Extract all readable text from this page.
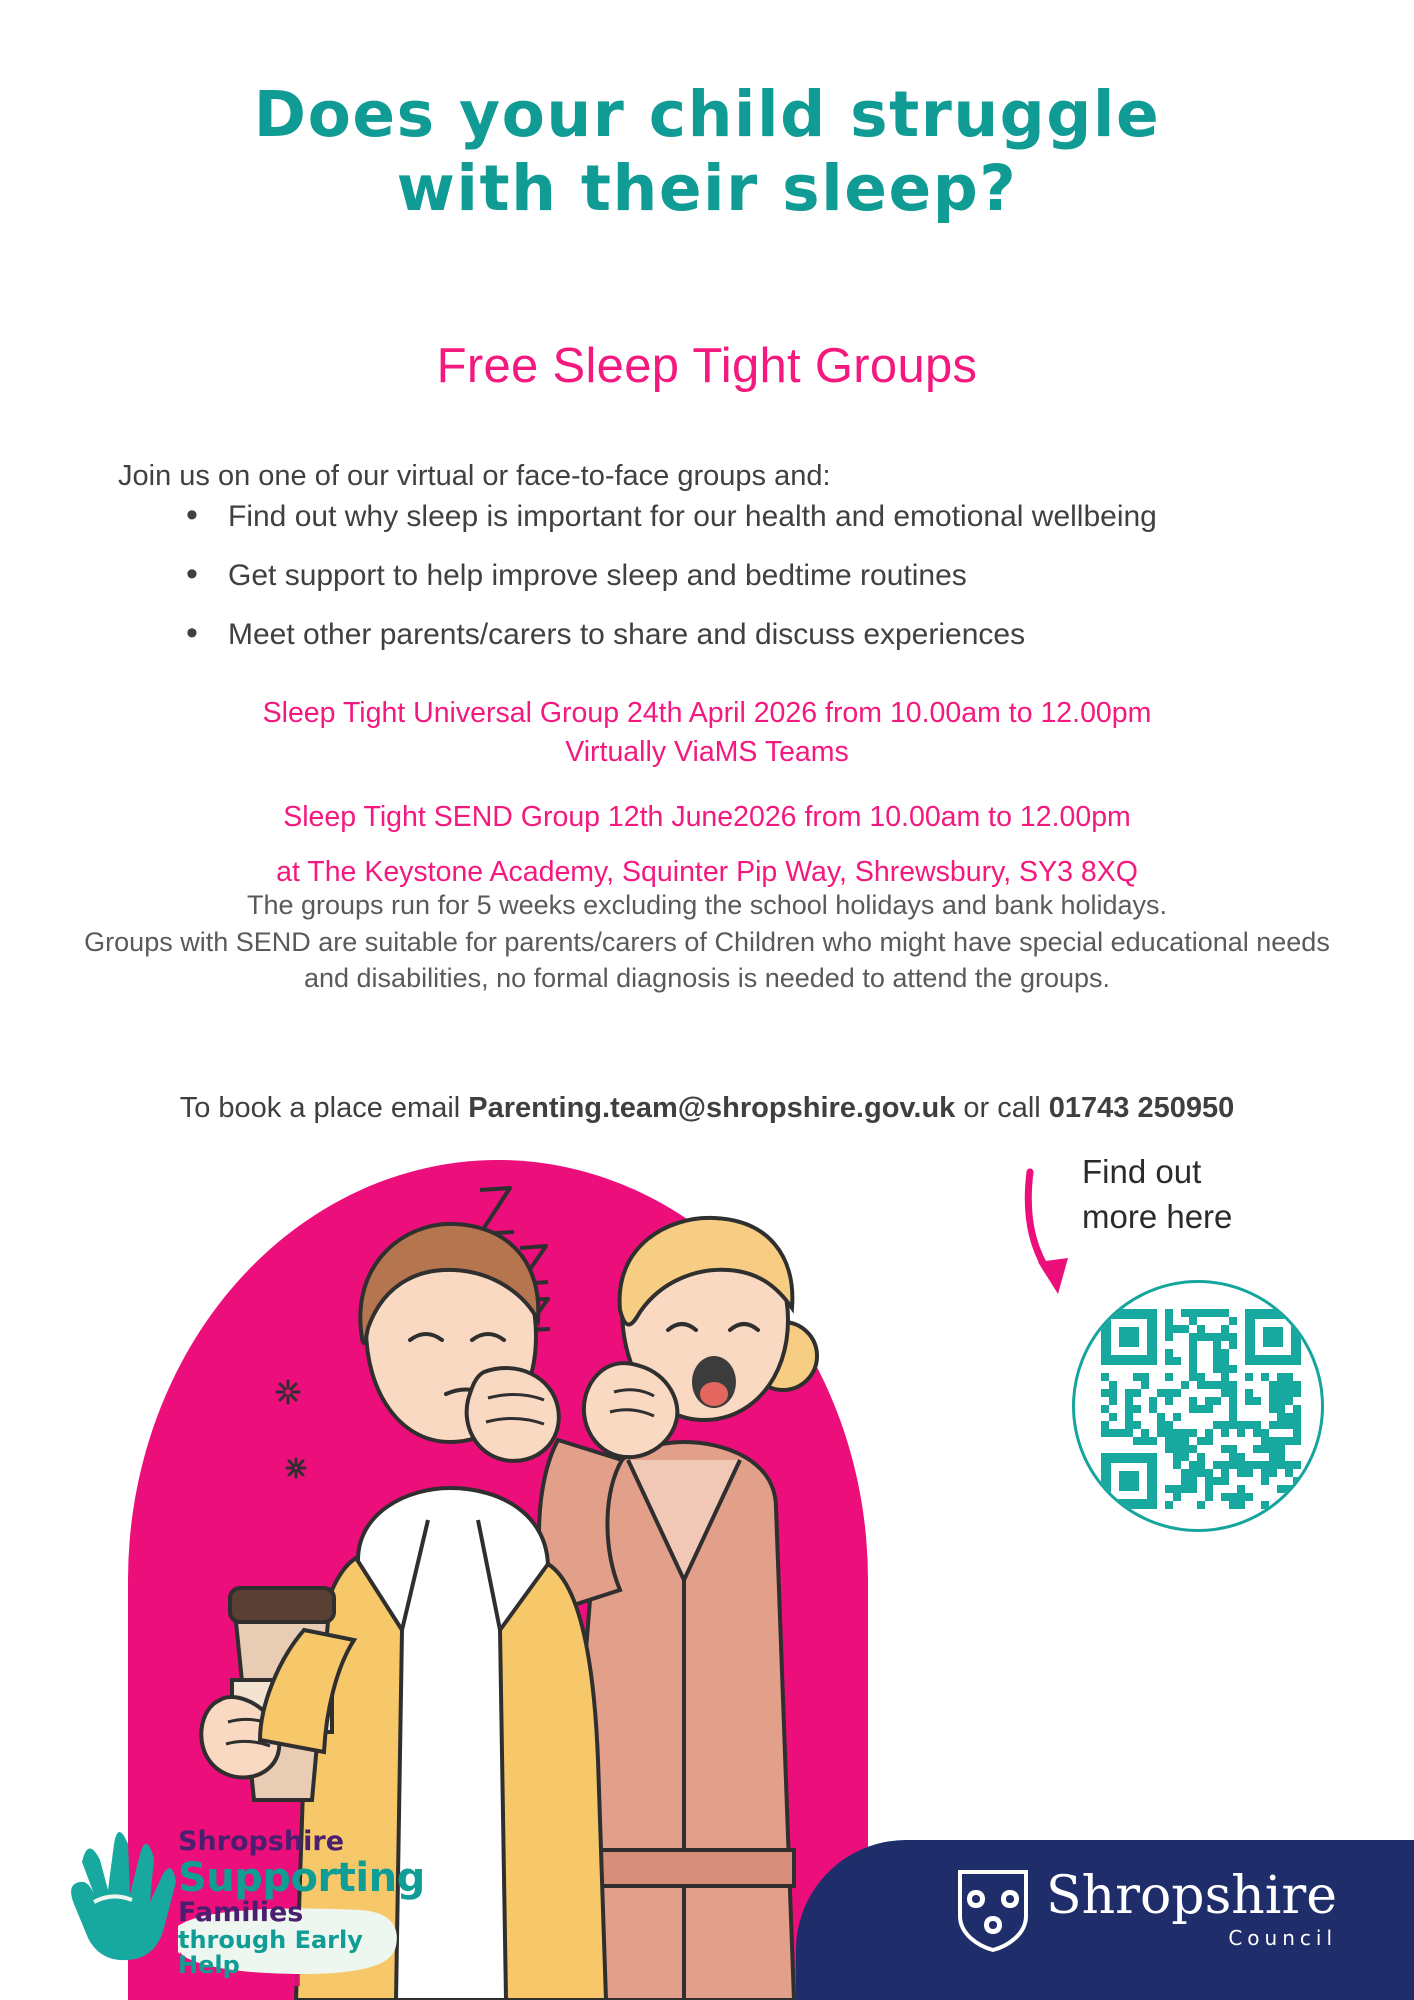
Does your child struggle
with their sleep?
Free Sleep Tight Groups
Join us on one of our virtual or face-to-face groups and:
• Find out why sleep is important for our health and emotional wellbeing
• Get support to help improve sleep and bedtime routines
• Meet other parents/carers to share and discuss experiences
Sleep Tight Universal Group 24th April 2026 from 10.00am to 12.00pm
Virtually ViaMS Teams
Sleep Tight SEND Group 12th June2026 from 10.00am to 12.00pm
at The Keystone Academy, Squinter Pip Way, Shrewsbury, SY3 8XQ
The groups run for 5 weeks excluding the school holidays and bank holidays.
Groups with SEND are suitable for parents/carers of Children who might have special educational needs and disabilities, no formal diagnosis is needed to attend the groups.
To book a place email Parenting.team@shropshire.gov.uk or call 01743 250950
Find out
more here
Shropshire
Supporting
Families
through Early Help
Shropshire
Council
